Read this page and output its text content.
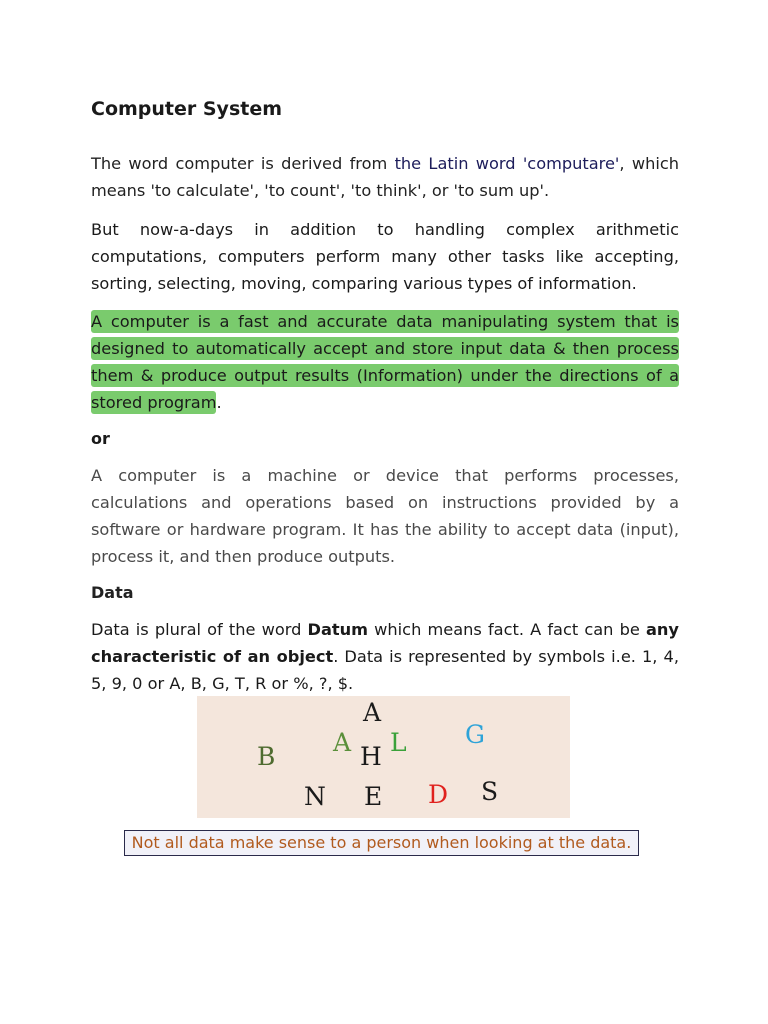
Computer System

The word computer is derived from the Latin word 'computare', which means 'to calculate', 'to count', 'to think', or 'to sum up'.

But now-a-days in addition to handling complex arithmetic computations, computers perform many other tasks like accepting, sorting, selecting, moving, comparing various types of information.

A computer is a fast and accurate data manipulating system that is designed to automatically accept and store input data & then process them & produce output results (Information) under the directions of a stored program.

or

A computer is a machine or device that performs processes, calculations and operations based on instructions provided by a software or hardware program. It has the ability to accept data (input), process it, and then produce outputs.

Data

Data is plural of the word Datum which means fact. A fact can be any characteristic of an object. Data is represented by symbols i.e. 1, 4, 5, 9, 0 or A, B, G, T, R or %, ?, $.

A
B A H L G
N E D S
Not all data make sense to a person when looking at the data.
